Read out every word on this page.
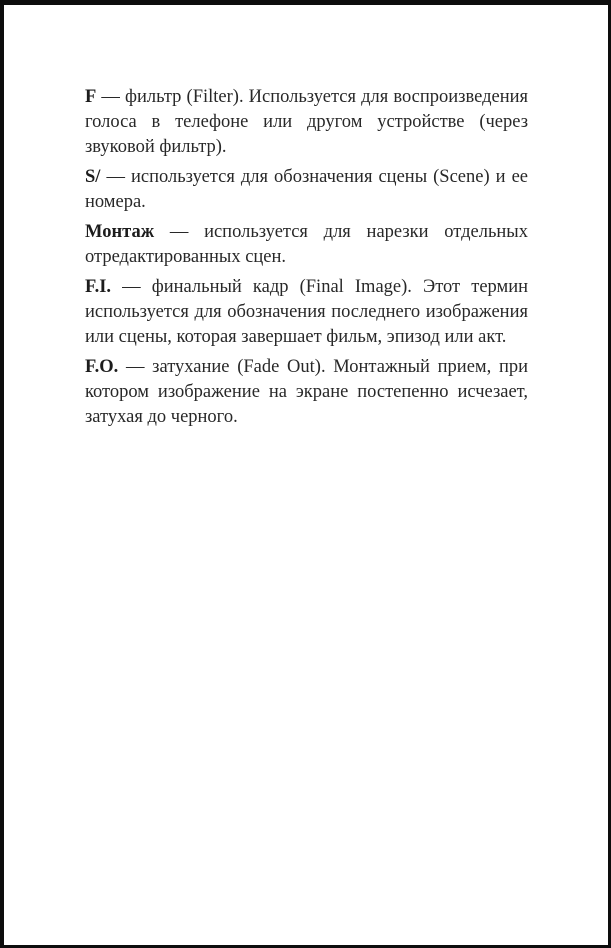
F — фильтр (Filter). Используется для воспроизведения голоса в телефоне или другом устройстве (через звуковой фильтр).

S/ — используется для обозначения сцены (Scene) и ее номера.

Монтаж — используется для нарезки отдельных отредактированных сцен.

F.I. — финальный кадр (Final Image). Этот термин используется для обозначения последнего изображения или сцены, которая завершает фильм, эпизод или акт.

F.O. — затухание (Fade Out). Монтажный прием, при котором изображение на экране постепенно исчезает, затухая до черного.
